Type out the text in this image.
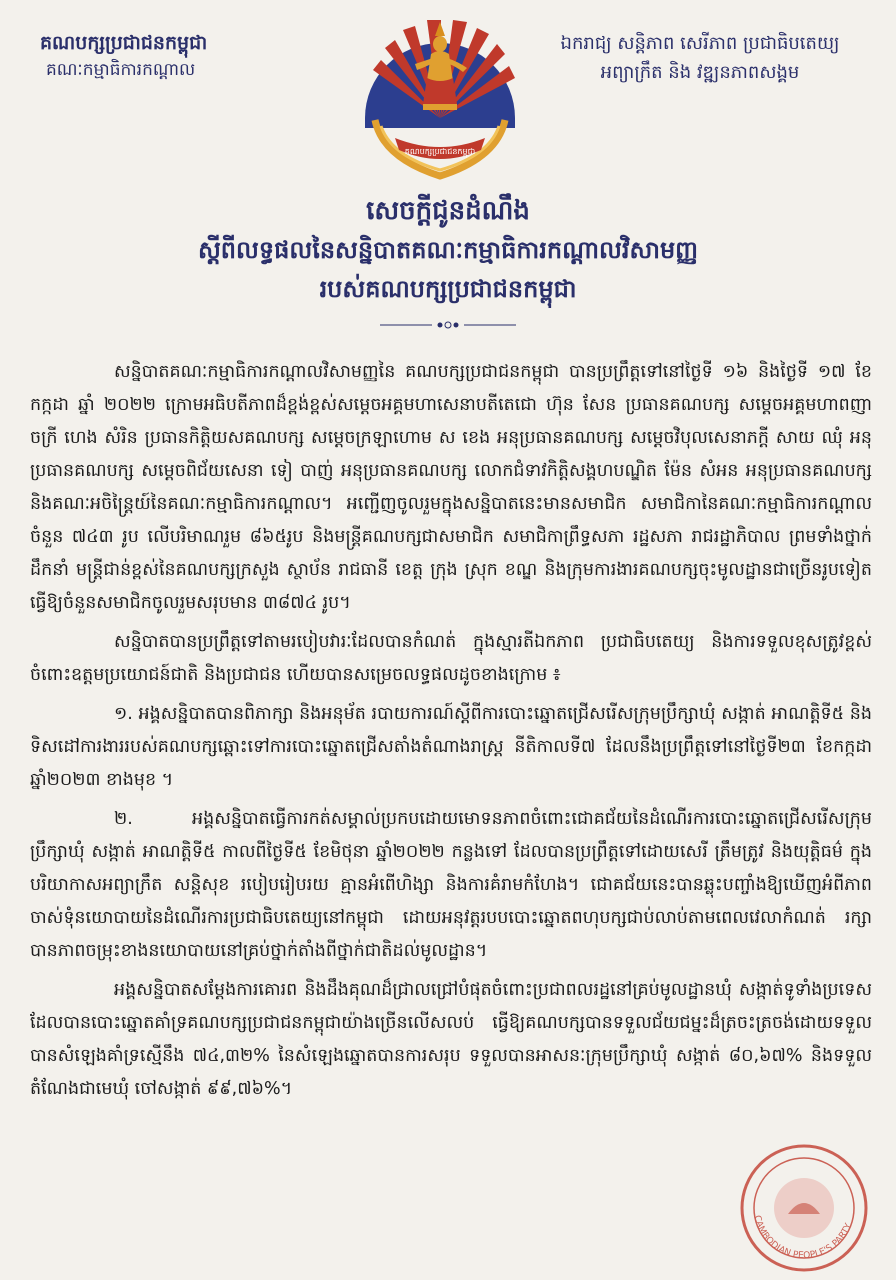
គណបក្សប្រជាជនកម្ពុជា
គណៈកម្មាធិការកណ្តាល
គណបក្សប្រជាជនកម្ពុជា
ឯករាជ្យ សន្តិភាព សេរីភាព ប្រជាធិបតេយ្យ
អព្យាក្រឹត និង វឌ្ឍនភាពសង្គម
សេចក្តីជូនដំណឹង
ស្តីពីលទ្ធផលនៃសន្និបាតគណៈកម្មាធិការកណ្តាលវិសាមញ្ញ
របស់គណបក្សប្រជាជនកម្ពុជា

សន្និបាតគណៈកម្មាធិការកណ្តាលវិសាមញ្ញនៃ គណបក្សប្រជាជនកម្ពុជា បានប្រព្រឹត្តទៅនៅថ្ងៃទី ១៦ និងថ្ងៃទី ១៧ ខែកក្កដា ឆ្នាំ ២០២២ ក្រោមអធិបតីភាពដ៏ខ្ពង់ខ្ពស់សម្តេចអគ្គមហាសេនាបតីតេជោ ហ៊ុន សែន ប្រធានគណបក្ស សម្តេចអគ្គមហាពញាចក្រី ហេង សំរិន ប្រធានកិត្តិយសគណបក្ស សម្តេចក្រឡាហោម ស ខេង អនុប្រធានគណបក្ស សម្តេចវិបុលសេនាភក្តី សាយ ឈុំ អនុប្រធានគណបក្ស សម្តេចពិជ័យសេនា ទៀ បាញ់ អនុប្រធានគណបក្ស លោកជំទាវកិត្តិសង្គហបណ្ឌិត ម៉ែន សំអន អនុប្រធានគណបក្ស និងគណៈអចិន្ត្រៃយ៍នៃគណៈកម្មាធិការកណ្តាល។ អញ្ជើញចូលរួមក្នុងសន្និបាតនេះមានសមាជិក សមាជិកានៃគណៈកម្មាធិការកណ្តាលចំនួន ៧៤៣ រូប លើបរិមាណរួម ៨៦៥រូប និងមន្ត្រីគណបក្សជាសមាជិក សមាជិកាព្រឹទ្ធសភា រដ្ឋសភា រាជរដ្ឋាភិបាល ព្រមទាំងថ្នាក់ដឹកនាំ មន្ត្រីជាន់ខ្ពស់នៃគណបក្សក្រសួង ស្ថាប័ន រាជធានី ខេត្ត ក្រុង ស្រុក ខណ្ឌ និងក្រុមការងារគណបក្សចុះមូលដ្ឋានជាច្រើនរូបទៀត ធ្វើឱ្យចំនួនសមាជិកចូលរួមសរុបមាន ៣៨៧៤ រូប។

សន្និបាតបានប្រព្រឹត្តទៅតាមរបៀបវារៈដែលបានកំណត់ ក្នុងស្មារតីឯកភាព ប្រជាធិបតេយ្យ និងការទទួលខុសត្រូវខ្ពស់ចំពោះឧត្តមប្រយោជន៍ជាតិ និងប្រជាជន ហើយបានសម្រេចលទ្ធផលដូចខាងក្រោម ៖

១. អង្គសន្និបាតបានពិភាក្សា និងអនុម័ត របាយការណ៍ស្តីពីការបោះឆ្នោតជ្រើសរើសក្រុមប្រឹក្សាឃុំ សង្កាត់ អាណត្តិទី៥ និងទិសដៅការងាររបស់គណបក្សឆ្ពោះទៅការបោះឆ្នោតជ្រើសតាំងតំណាងរាស្ត្រ នីតិកាលទី៧ ដែលនឹងប្រព្រឹត្តទៅនៅថ្ងៃទី២៣ ខែកក្កដា ឆ្នាំ២០២៣ ខាងមុខ ។

២. អង្គសន្និបាតធ្វើការកត់សម្គាល់ប្រកបដោយមោទនភាពចំពោះជោគជ័យនៃដំណើរការបោះឆ្នោតជ្រើសរើសក្រុមប្រឹក្សាឃុំ សង្កាត់ អាណត្តិទី៥ កាលពីថ្ងៃទី៥ ខែមិថុនា ឆ្នាំ២០២២ កន្លងទៅ ដែលបានប្រព្រឹត្តទៅដោយសេរី ត្រឹមត្រូវ និងយុត្តិធម៌ ក្នុងបរិយាកាសអព្យាក្រឹត សន្តិសុខ របៀបរៀបរយ គ្មានអំពើហិង្សា និងការគំរាមកំហែង។ ជោគជ័យនេះបានឆ្លុះបញ្ចាំងឱ្យឃើញអំពីភាពចាស់ទុំនយោបាយនៃដំណើរការប្រជាធិបតេយ្យនៅកម្ពុជា ដោយអនុវត្តរបបបោះឆ្នោតពហុបក្សជាប់លាប់តាមពេលវេលាកំណត់ រក្សាបានភាពចម្រុះខាងនយោបាយនៅគ្រប់ថ្នាក់តាំងពីថ្នាក់ជាតិដល់មូលដ្ឋាន។

អង្គសន្និបាតសម្តែងការគោរព និងដឹងគុណដ៏ជ្រាលជ្រៅបំផុតចំពោះប្រជាពលរដ្ឋនៅគ្រប់មូលដ្ឋានឃុំ សង្កាត់ទូទាំងប្រទេស ដែលបានបោះឆ្នោតគាំទ្រគណបក្សប្រជាជនកម្ពុជាយ៉ាងច្រើនលើសលប់ ធ្វើឱ្យគណបក្សបានទទួលជ័យជម្នះដ៏ត្រចះត្រចង់ដោយទទួលបានសំឡេងគាំទ្រស្មើនឹង ៧៤,៣២% នៃសំឡេងឆ្នោតបានការសរុប ទទួលបានអាសនៈក្រុមប្រឹក្សាឃុំ សង្កាត់ ៨០,៦៧% និងទទួលតំណែងជាមេឃុំ ចៅសង្កាត់ ៩៩,៧៦%។

CAMBODIAN PEOPLE'S PARTY
